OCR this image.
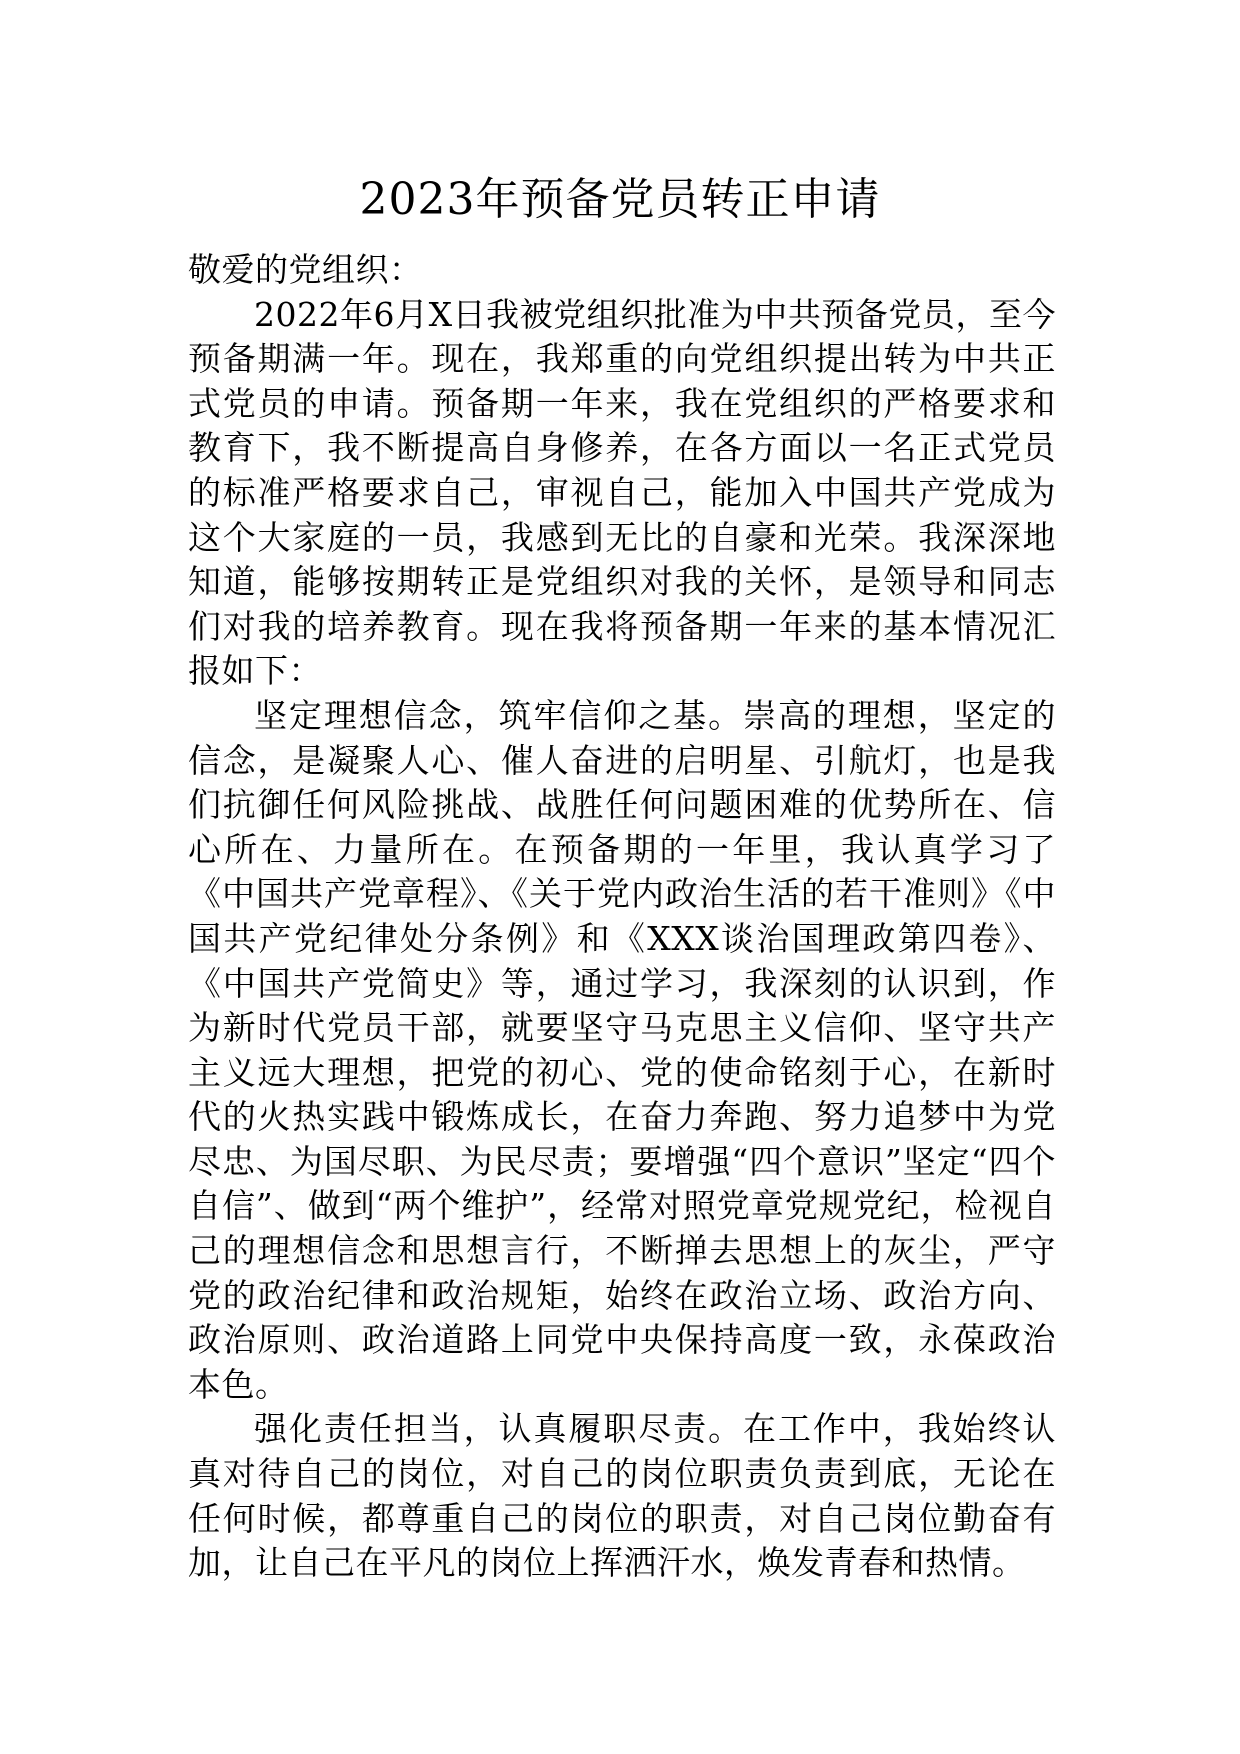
2023年预备党员转正申请

敬爱的党组织：

2022年6月X日我被党组织批准为中共预备党员，至今预备期满一年。现在，我郑重的向党组织提出转为中共正式党员的申请。预备期一年来，我在党组织的严格要求和教育下，我不断提高自身修养，在各方面以一名正式党员的标准严格要求自己，审视自己，能加入中国共产党成为这个大家庭的一员，我感到无比的自豪和光荣。我深深地知道，能够按期转正是党组织对我的关怀，是领导和同志们对我的培养教育。现在我将预备期一年来的基本情况汇报如下：

坚定理想信念，筑牢信仰之基。崇高的理想，坚定的信念，是凝聚人心、催人奋进的启明星、引航灯，也是我们抗御任何风险挑战、战胜任何问题困难的优势所在、信心所在、力量所在。在预备期的一年里，我认真学习了《中国共产党章程》、《关于党内政治生活的若干准则》《中国共产党纪律处分条例》和《XXX谈治国理政第四卷》、《中国共产党简史》等，通过学习，我深刻的认识到，作为新时代党员干部，就要坚守马克思主义信仰、坚守共产主义远大理想，把党的初心、党的使命铭刻于心，在新时代的火热实践中锻炼成长，在奋力奔跑、努力追梦中为党尽忠、为国尽职、为民尽责；要增强“四个意识”坚定“四个自信”、做到“两个维护”，经常对照党章党规党纪，检视自己的理想信念和思想言行，不断掸去思想上的灰尘，严守党的政治纪律和政治规矩，始终在政治立场、政治方向、政治原则、政治道路上同党中央保持高度一致，永葆政治本色。

强化责任担当，认真履职尽责。在工作中，我始终认真对待自己的岗位，对自己的岗位职责负责到底，无论在任何时候，都尊重自己的岗位的职责，对自己岗位勤奋有加，让自己在平凡的岗位上挥洒汗水，焕发青春和热情。
